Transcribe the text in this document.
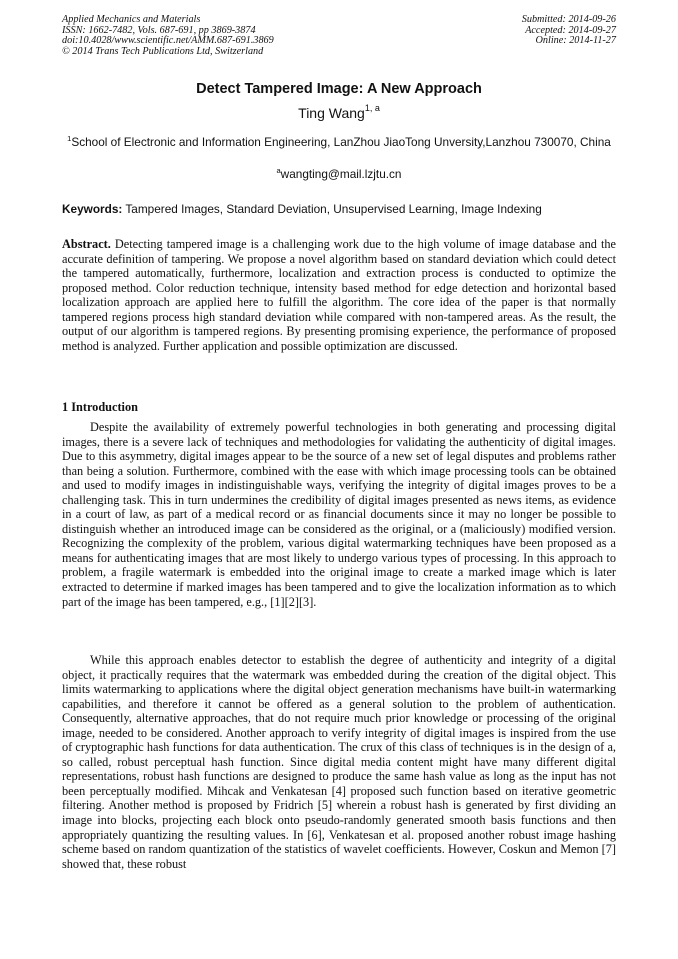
Applied Mechanics and Materials
ISSN: 1662-7482, Vols. 687-691, pp 3869-3874
doi:10.4028/www.scientific.net/AMM.687-691.3869
© 2014 Trans Tech Publications Ltd, Switzerland
Submitted: 2014-09-26
Accepted: 2014-09-27
Online: 2014-11-27
Detect Tampered Image: A New Approach
Ting Wang$^{1, a}$
$^1$School of Electronic and Information Engineering, LanZhou JiaoTong Unversity,Lanzhou 730070, China
$^a$wangting@mail.lzjtu.cn
Keywords: Tampered Images, Standard Deviation, Unsupervised Learning, Image Indexing

Abstract. Detecting tampered image is a challenging work due to the high volume of image database and the accurate definition of tampering. We propose a novel algorithm based on standard deviation which could detect the tampered automatically, furthermore, localization and extraction process is conducted to optimize the proposed method. Color reduction technique, intensity based method for edge detection and horizontal based localization approach are applied here to fulfill the algorithm. The core idea of the paper is that normally tampered regions process high standard deviation while compared with non-tampered areas. As the result, the output of our algorithm is tampered regions. By presenting promising experience, the performance of proposed method is analyzed. Further application and possible optimization are discussed.

1 Introduction

Despite the availability of extremely powerful technologies in both generating and processing digital images, there is a severe lack of techniques and methodologies for validating the authenticity of digital images. Due to this asymmetry, digital images appear to be the source of a new set of legal disputes and problems rather than being a solution. Furthermore, combined with the ease with which image processing tools can be obtained and used to modify images in indistinguishable ways, verifying the integrity of digital images proves to be a challenging task. This in turn undermines the credibility of digital images presented as news items, as evidence in a court of law, as part of a medical record or as financial documents since it may no longer be possible to distinguish whether an introduced image can be considered as the original, or a (maliciously) modified version. Recognizing the complexity of the problem, various digital watermarking techniques have been proposed as a means for authenticating images that are most likely to undergo various types of processing. In this approach to problem, a fragile watermark is embedded into the original image to create a marked image which is later extracted to determine if marked images has been tampered and to give the localization information as to which part of the image has been tampered, e.g., [1][2][3].

While this approach enables detector to establish the degree of authenticity and integrity of a digital object, it practically requires that the watermark was embedded during the creation of the digital object. This limits watermarking to applications where the digital object generation mechanisms have built-in watermarking capabilities, and therefore it cannot be offered as a general solution to the problem of authentication. Consequently, alternative approaches, that do not require much prior knowledge or processing of the original image, needed to be considered. Another approach to verify integrity of digital images is inspired from the use of cryptographic hash functions for data authentication. The crux of this class of techniques is in the design of a, so called, robust perceptual hash function. Since digital media content might have many different digital representations, robust hash functions are designed to produce the same hash value as long as the input has not been perceptually modified. Mihcak and Venkatesan [4] proposed such function based on iterative geometric filtering. Another method is proposed by Fridrich [5] wherein a robust hash is generated by first dividing an image into blocks, projecting each block onto pseudo-randomly generated smooth basis functions and then appropriately quantizing the resulting values. In [6], Venkatesan et al. proposed another robust image hashing scheme based on random quantization of the statistics of wavelet coefficients. However, Coskun and Memon [7] showed that, these robust
